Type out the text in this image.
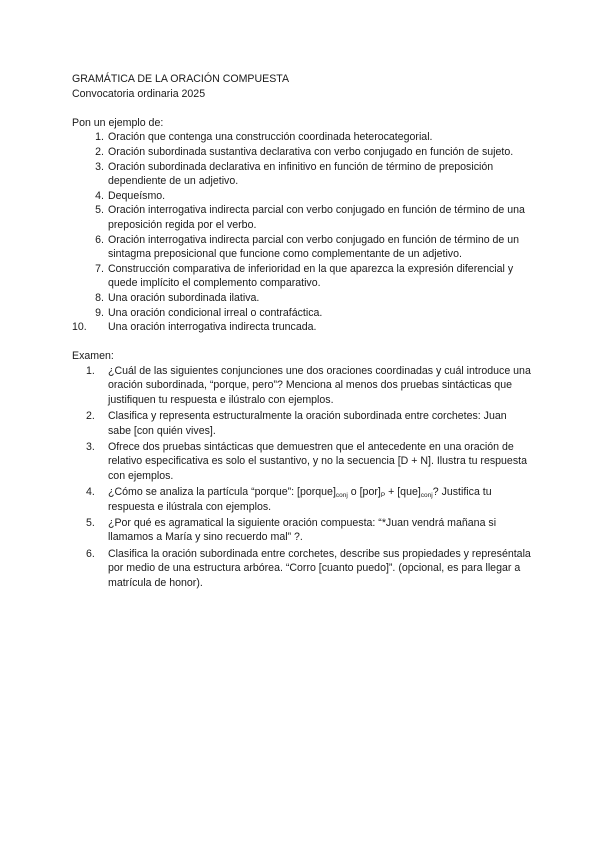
GRAMÁTICA DE LA ORACIÓN COMPUESTA

Convocatoria ordinaria 2025

Pon un ejemplo de:

1. Oración que contenga una construcción coordinada heterocategorial.
2. Oración subordinada sustantiva declarativa con verbo conjugado en función de sujeto.
3. Oración subordinada declarativa en infinitivo en función de término de preposición dependiente de un adjetivo.
4. Dequeísmo.
5. Oración interrogativa indirecta parcial con verbo conjugado en función de término de una preposición regida por el verbo.
6. Oración interrogativa indirecta parcial con verbo conjugado en función de término de un sintagma preposicional que funcione como complementante de un adjetivo.
7. Construcción comparativa de inferioridad en la que aparezca la expresión diferencial y quede implícito el complemento comparativo.
8. Una oración subordinada ilativa.
9. Una oración condicional irreal o contrafáctica.
10.	Una oración interrogativa indirecta truncada.

Examen:

1.	¿Cuál de las siguientes conjunciones une dos oraciones coordinadas y cuál introduce una oración subordinada, “porque, pero”? Menciona al menos dos pruebas sintácticas que justifiquen tu respuesta e ilústralo con ejemplos.
2.	Clasifica y representa estructuralmente la oración subordinada entre corchetes: Juan sabe [con quién vives].
3.	Ofrece dos pruebas sintácticas que demuestren que el antecedente en una oración de relativo especificativa es solo el sustantivo, y no la secuencia [D + N]. Ilustra tu respuesta con ejemplos.
4.	¿Cómo se analiza la partícula “porque”: $[porque]_{conj}$ o $[por]_P + [que]_{conj}$? Justifica tu respuesta e ilústrala con ejemplos.
5.	¿Por qué es agramatical la siguiente oración compuesta: “*Juan vendrá mañana si llamamos a María y sino recuerdo mal” ?.
6.	Clasifica la oración subordinada entre corchetes, describe sus propiedades y represéntala por medio de una estructura arbórea. “Corro [cuanto puedo]”. (opcional, es para llegar a matrícula de honor).
